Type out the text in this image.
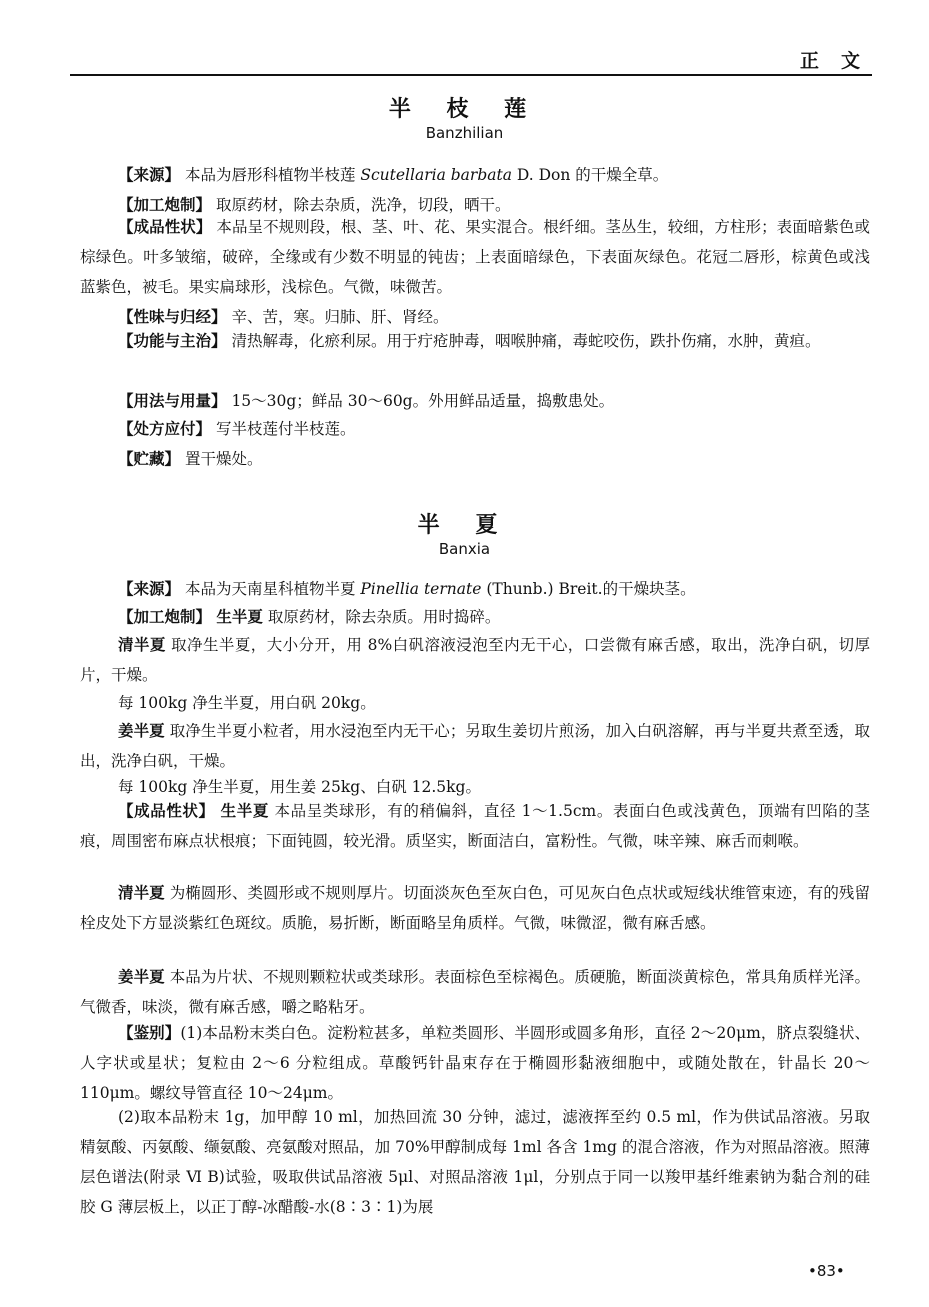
正文
半 枝 莲
Banzhilian
【来源】 本品为唇形科植物半枝莲 Scutellaria barbata D. Don 的干燥全草。
【加工炮制】 取原药材，除去杂质，洗净，切段，晒干。
【成品性状】 本品呈不规则段，根、茎、叶、花、果实混合。根纤细。茎丛生，较细，方柱形；表面暗紫色或棕绿色。叶多皱缩，破碎，全缘或有少数不明显的钝齿；上表面暗绿色，下表面灰绿色。花冠二唇形，棕黄色或浅蓝紫色，被毛。果实扁球形，浅棕色。气微，味微苦。
【性味与归经】 辛、苦，寒。归肺、肝、肾经。
【功能与主治】 清热解毒，化瘀利尿。用于疔疮肿毒，咽喉肿痛，毒蛇咬伤，跌扑伤痛，水肿，黄疸。
【用法与用量】 15～30g；鲜品 30～60g。外用鲜品适量，捣敷患处。
【处方应付】 写半枝莲付半枝莲。
【贮藏】 置干燥处。
半 夏
Banxia
【来源】 本品为天南星科植物半夏 Pinellia ternate (Thunb.) Breit.的干燥块茎。
【加工炮制】 生半夏 取原药材，除去杂质。用时捣碎。
清半夏 取净生半夏，大小分开，用 8%白矾溶液浸泡至内无干心，口尝微有麻舌感，取出，洗净白矾，切厚片，干燥。
每 100kg 净生半夏，用白矾 20kg。
姜半夏 取净生半夏小粒者，用水浸泡至内无干心；另取生姜切片煎汤，加入白矾溶解，再与半夏共煮至透，取出，洗净白矾，干燥。
每 100kg 净生半夏，用生姜 25kg、白矾 12.5kg。
【成品性状】 生半夏 本品呈类球形，有的稍偏斜，直径 1～1.5cm。表面白色或浅黄色，顶端有凹陷的茎痕，周围密布麻点状根痕；下面钝圆，较光滑。质坚实，断面洁白，富粉性。气微，味辛辣、麻舌而刺喉。
清半夏 为椭圆形、类圆形或不规则厚片。切面淡灰色至灰白色，可见灰白色点状或短线状维管束迹，有的残留栓皮处下方显淡紫红色斑纹。质脆，易折断，断面略呈角质样。气微，味微涩，微有麻舌感。
姜半夏 本品为片状、不规则颗粒状或类球形。表面棕色至棕褐色。质硬脆，断面淡黄棕色，常具角质样光泽。气微香，味淡，微有麻舌感，嚼之略粘牙。
【鉴别】(1)本品粉末类白色。淀粉粒甚多，单粒类圆形、半圆形或圆多角形，直径 2～20μm，脐点裂缝状、人字状或星状；复粒由 2～6 分粒组成。草酸钙针晶束存在于椭圆形黏液细胞中，或随处散在，针晶长 20～110μm。螺纹导管直径 10～24μm。
(2)取本品粉末 1g，加甲醇 10 ml，加热回流 30 分钟，滤过，滤液挥至约 0.5 ml，作为供试品溶液。另取精氨酸、丙氨酸、缬氨酸、亮氨酸对照品，加 70%甲醇制成每 1ml 各含 1mg 的混合溶液，作为对照品溶液。照薄层色谱法(附录 Ⅵ B)试验，吸取供试品溶液 5μl、对照品溶液 1μl，分别点于同一以羧甲基纤维素钠为黏合剂的硅胶 G 薄层板上，以正丁醇-冰醋酸-水(8∶3∶1)为展
•83•
